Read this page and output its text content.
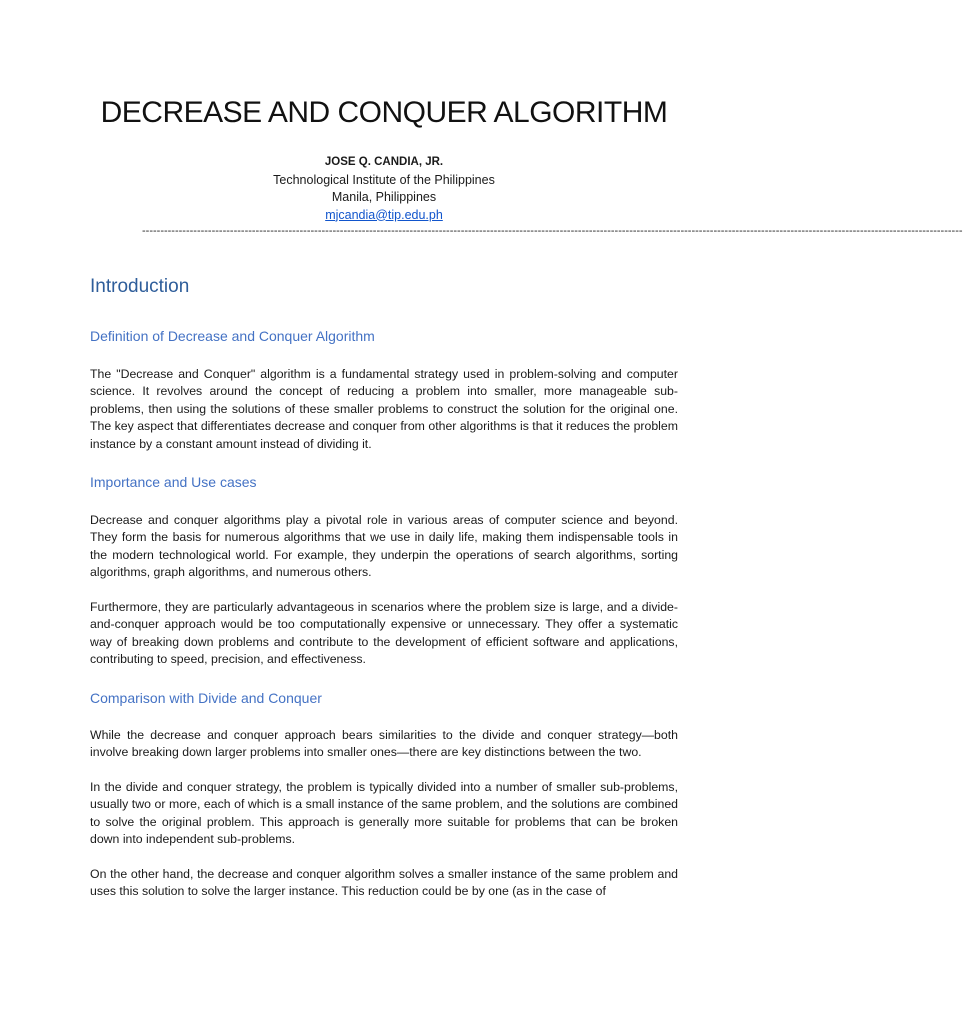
DECREASE AND CONQUER ALGORITHM
JOSE Q. CANDIA, JR.
Technological Institute of the Philippines
Manila, Philippines
mjcandia@tip.edu.ph
--------------------------------------------------------------------------------------------------------------------------------------------------------------------------------------------------------------------------------
Introduction
Definition of Decrease and Conquer Algorithm

The "Decrease and Conquer" algorithm is a fundamental strategy used in problem-solving and computer science. It revolves around the concept of reducing a problem into smaller, more manageable sub-problems, then using the solutions of these smaller problems to construct the solution for the original one. The key aspect that differentiates decrease and conquer from other algorithms is that it reduces the problem instance by a constant amount instead of dividing it.

Importance and Use cases

Decrease and conquer algorithms play a pivotal role in various areas of computer science and beyond. They form the basis for numerous algorithms that we use in daily life, making them indispensable tools in the modern technological world. For example, they underpin the operations of search algorithms, sorting algorithms, graph algorithms, and numerous others.

Furthermore, they are particularly advantageous in scenarios where the problem size is large, and a divide-and-conquer approach would be too computationally expensive or unnecessary. They offer a systematic way of breaking down problems and contribute to the development of efficient software and applications, contributing to speed, precision, and effectiveness.

Comparison with Divide and Conquer

While the decrease and conquer approach bears similarities to the divide and conquer strategy—both involve breaking down larger problems into smaller ones—there are key distinctions between the two.

In the divide and conquer strategy, the problem is typically divided into a number of smaller sub-problems, usually two or more, each of which is a small instance of the same problem, and the solutions are combined to solve the original problem. This approach is generally more suitable for problems that can be broken down into independent sub-problems.

On the other hand, the decrease and conquer algorithm solves a smaller instance of the same problem and uses this solution to solve the larger instance. This reduction could be by one (as in the case of
